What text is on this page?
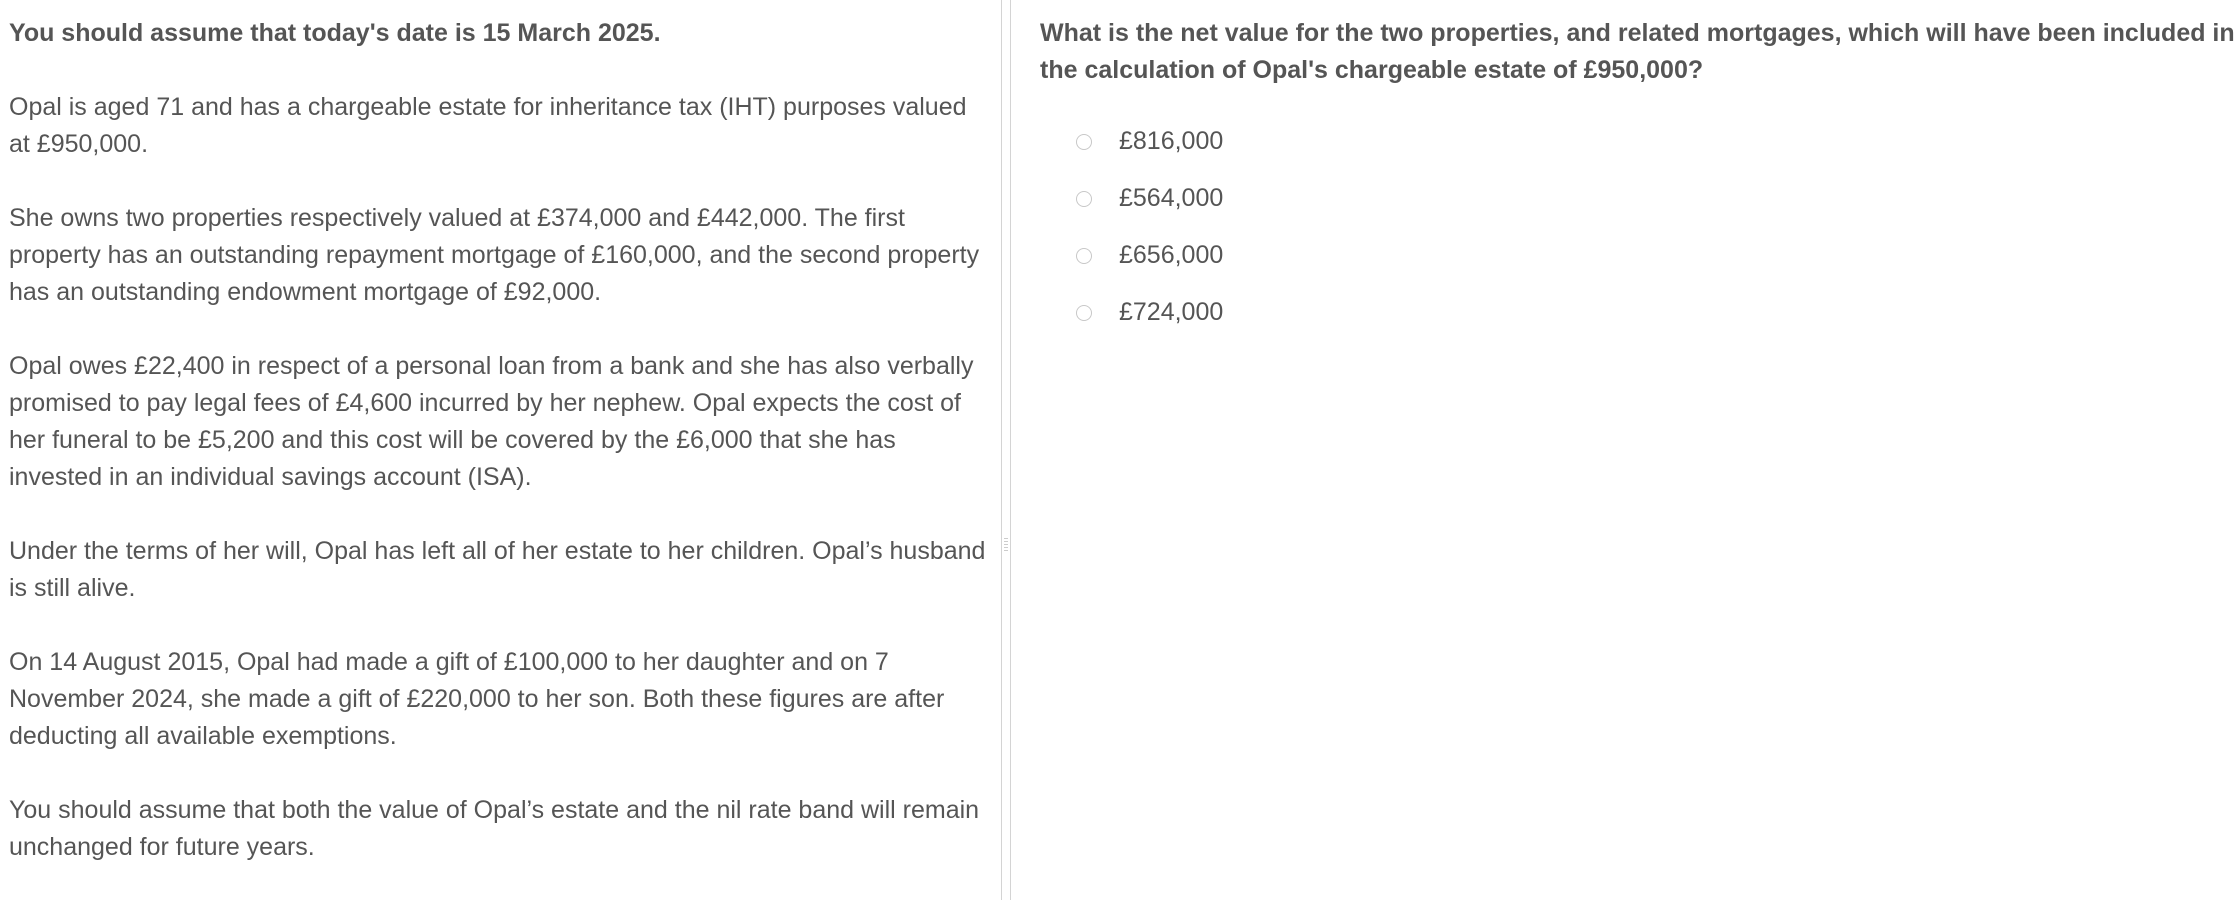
You should assume that today's date is 15 March 2025.

Opal is aged 71 and has a chargeable estate for inheritance tax (IHT) purposes valued at £950,000.

She owns two properties respectively valued at £374,000 and £442,000. The first property has an outstanding repayment mortgage of £160,000, and the second property has an outstanding endowment mortgage of £92,000.

Opal owes £22,400 in respect of a personal loan from a bank and she has also verbally promised to pay legal fees of £4,600 incurred by her nephew. Opal expects the cost of her funeral to be £5,200 and this cost will be covered by the £6,000 that she has invested in an individual savings account (ISA).

Under the terms of her will, Opal has left all of her estate to her children. Opal’s husband is still alive.

On 14 August 2015, Opal had made a gift of £100,000 to her daughter and on 7 November 2024, she made a gift of £220,000 to her son. Both these figures are after deducting all available exemptions.

You should assume that both the value of Opal’s estate and the nil rate band will remain unchanged for future years.

What is the net value for the two properties, and related mortgages, which will have been included in the calculation of Opal's chargeable estate of £950,000?

£816,000
£564,000
£656,000
£724,000
